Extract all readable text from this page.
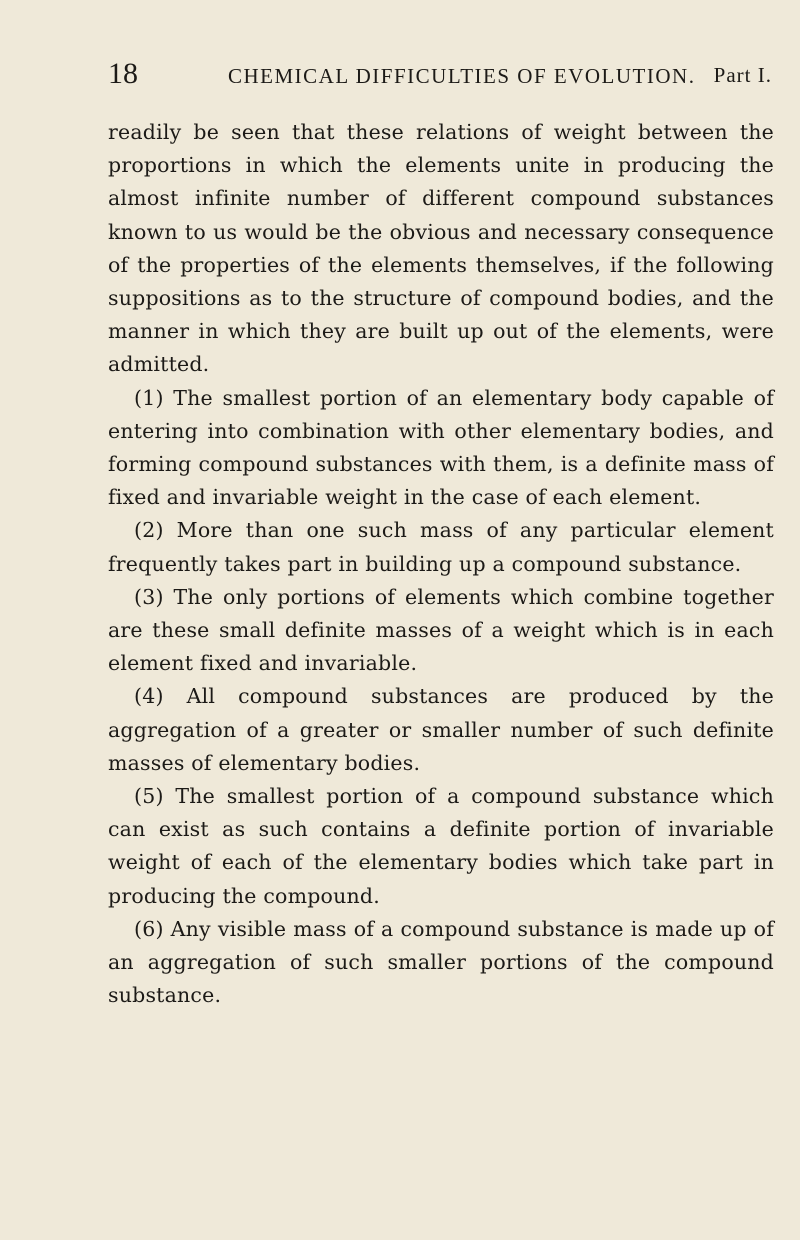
18	CHEMICAL DIFFICULTIES OF EVOLUTION. Part I.

readily be seen that these relations of weight between the proportions in which the elements unite in producing the almost infinite number of different compound substances known to us would be the obvious and necessary consequence of the properties of the elements themselves, if the following suppositions as to the structure of compound bodies, and the manner in which they are built up out of the elements, were admitted.

(1) The smallest portion of an elementary body capable of entering into combination with other elementary bodies, and forming compound substances with them, is a definite mass of fixed and invariable weight in the case of each element.

(2) More than one such mass of any particular element frequently takes part in building up a compound substance.

(3) The only portions of elements which combine together are these small definite masses of a weight which is in each element fixed and invariable.

(4) All compound substances are produced by the aggregation of a greater or smaller number of such definite masses of elementary bodies.

(5) The smallest portion of a compound substance which can exist as such contains a definite portion of invariable weight of each of the elementary bodies which take part in producing the compound.

(6) Any visible mass of a compound substance is made up of an aggregation of such smaller portions of the compound substance.
